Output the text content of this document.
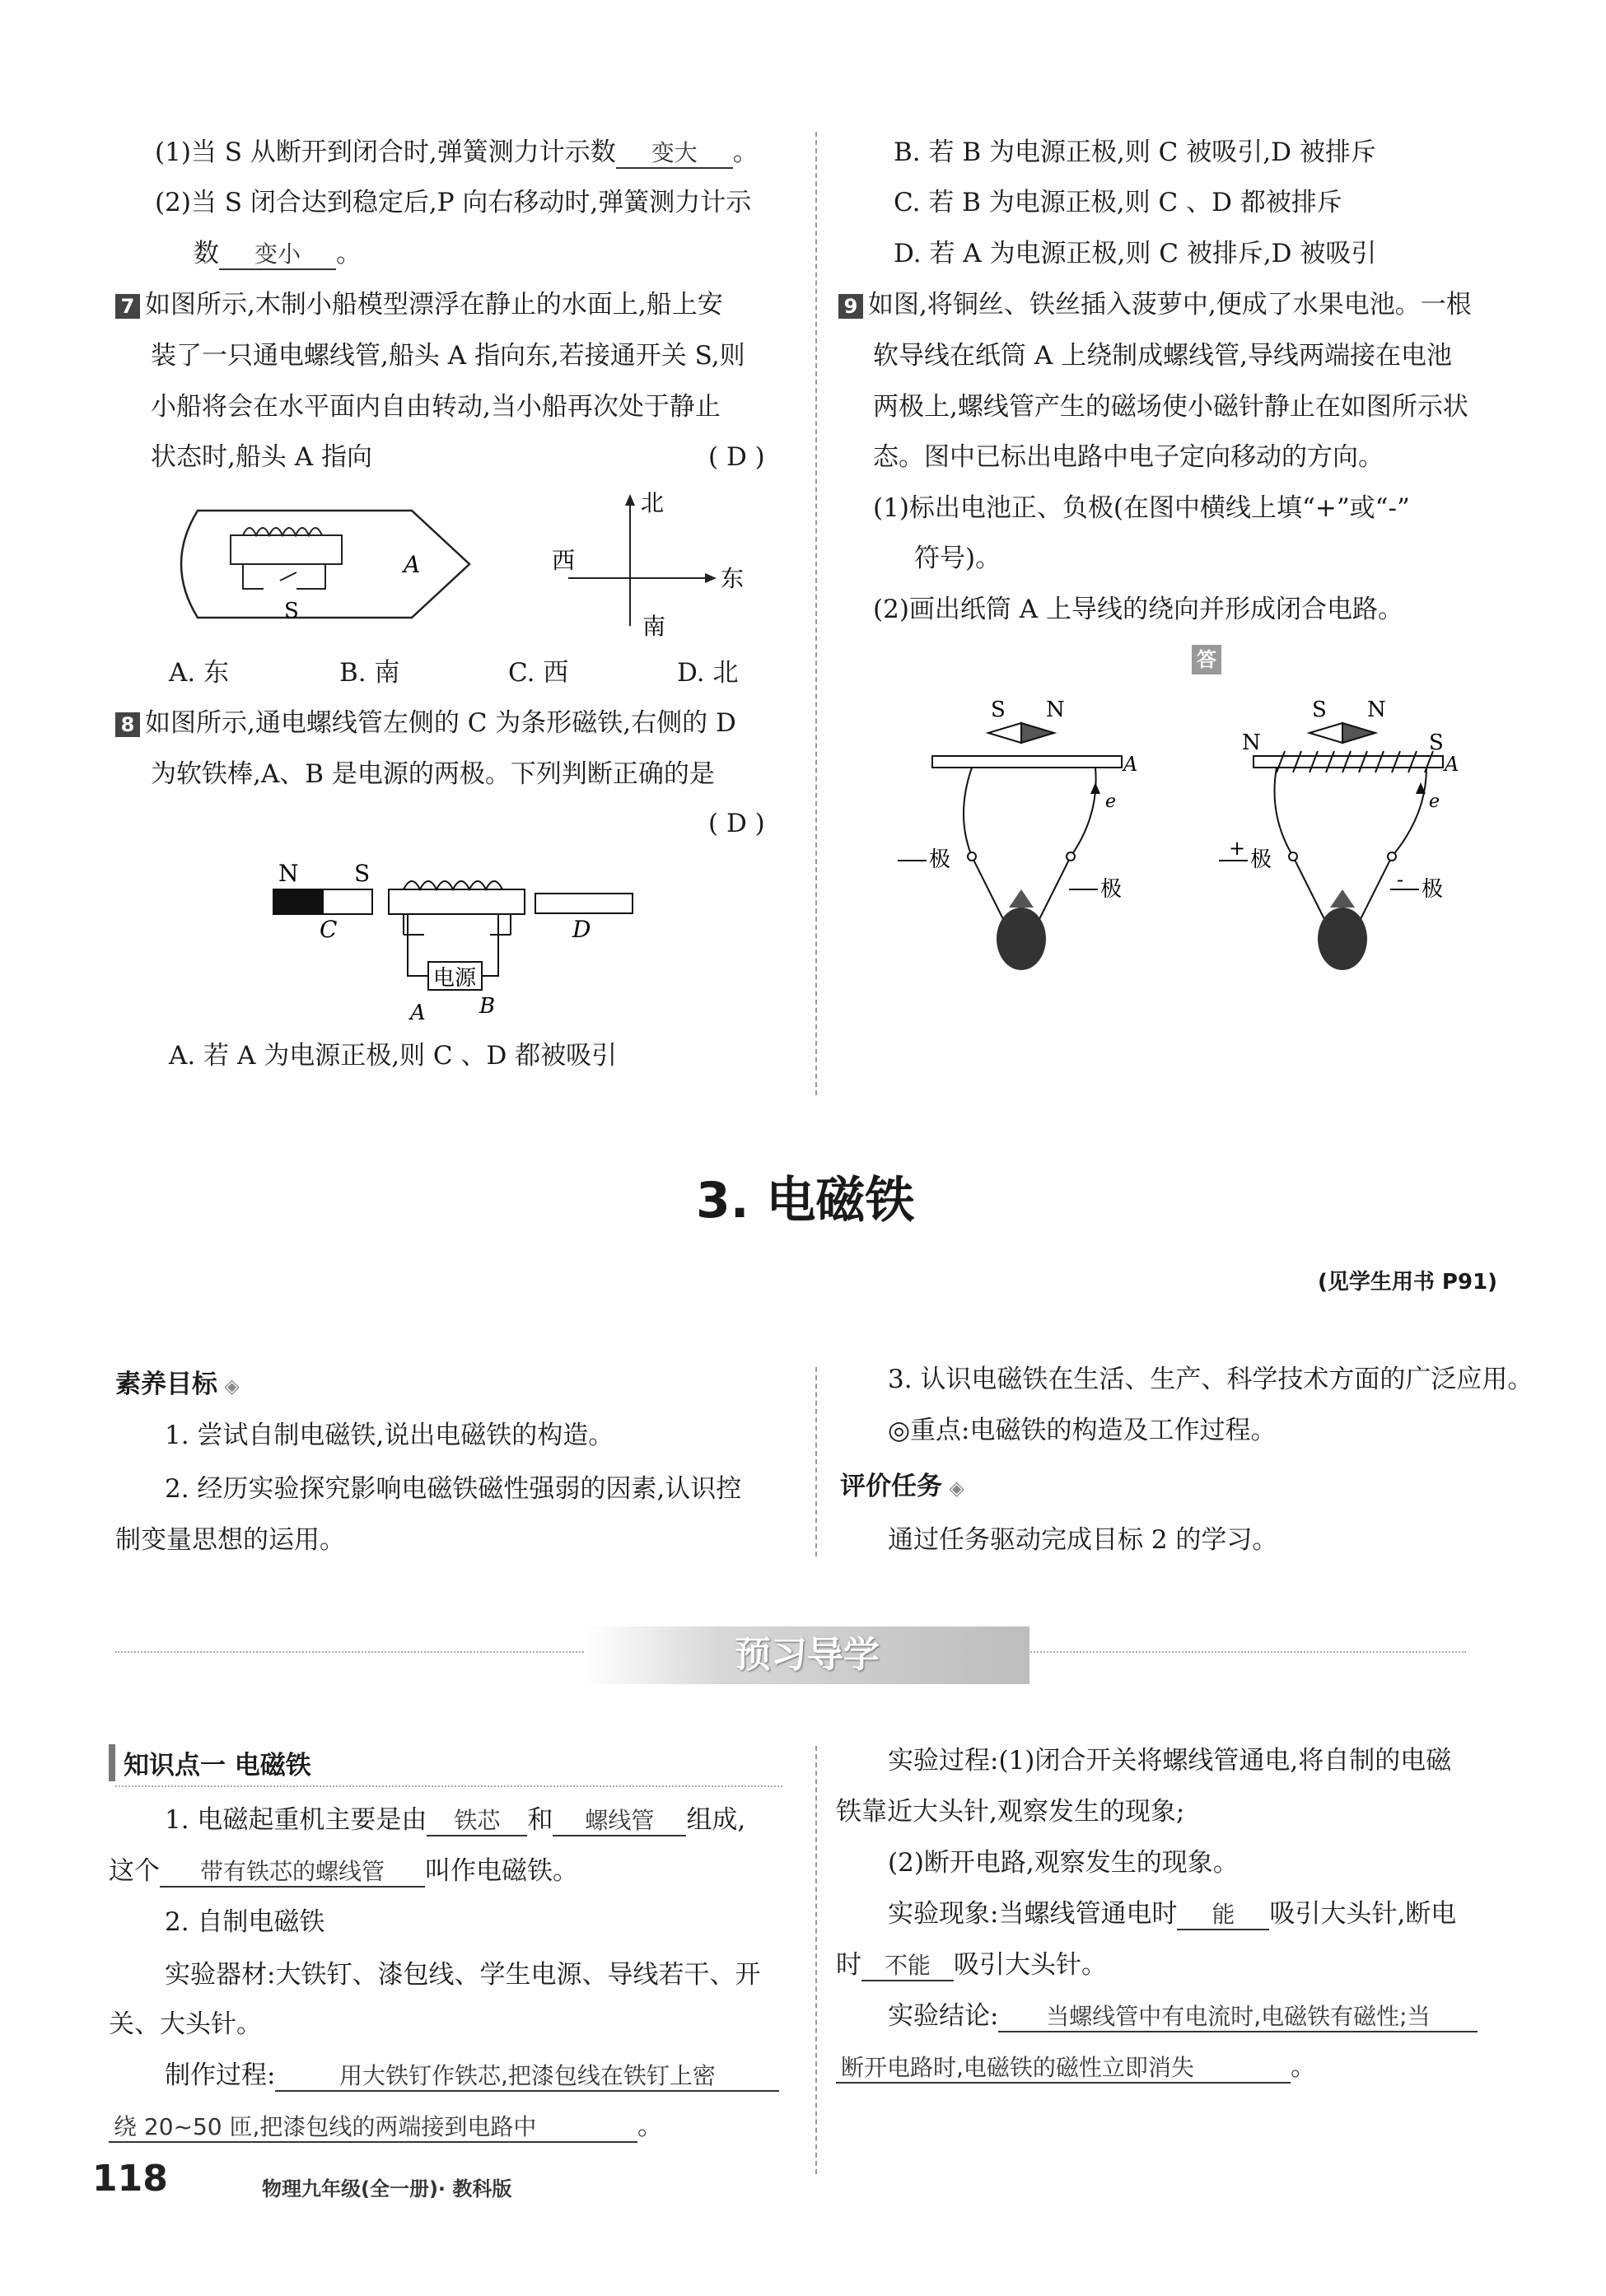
(1)当 S 从断开到闭合时,弹簧测力计示数 变大 。
(2)当 S 闭合达到稳定后,P 向右移动时,弹簧测力计示
数 变小 。
7 如图所示,木制小船模型漂浮在静止的水面上,船上安
装了一只通电螺线管,船头 A 指向东,若接通开关 S,则
小船将会在水平面内自由转动,当小船再次处于静止
状态时,船头 A 指向	( D )
A
S
北
西
东
南
A. 东	B. 南	C. 西	D. 北
8 如图所示,通电螺线管左侧的 C 为条形磁铁,右侧的 D
为软铁棒,A、B 是电源的两极。下列判断正确的是
( D )
N S
C
电源
A	B
D
A. 若 A 为电源正极,则 C 、D 都被吸引
B. 若 B 为电源正极,则 C 被吸引,D 被排斥
C. 若 B 为电源正极,则 C 、D 都被排斥
D. 若 A 为电源正极,则 C 被排斥,D 被吸引
9 如图,将铜丝、铁丝插入菠萝中,便成了水果电池。一根
软导线在纸筒 A 上绕制成螺线管,导线两端接在电池
两极上,螺线管产生的磁场使小磁针静止在如图所示状
态。图中已标出电路中电子定向移动的方向。
(1)标出电池正、负极(在图中横线上填“+”或“-”
符号)。
(2)画出纸筒 A 上导线的绕向并形成闭合电路。
答
S N
A
e
极
极
S N
N	S
A
e
+ 极
- 极
3. 电磁铁
(见学生用书 P91)
素养目标 ◈
1. 尝试自制电磁铁,说出电磁铁的构造。
2. 经历实验探究影响电磁铁磁性强弱的因素,认识控
制变量思想的运用。
3. 认识电磁铁在生活、生产、科学技术方面的广泛应用。
◎重点:电磁铁的构造及工作过程。
评价任务 ◈
通过任务驱动完成目标 2 的学习。
预习导学
知识点一 电磁铁
1. 电磁起重机主要是由 铁芯 和 螺线管 组成,
这个 带有铁芯的螺线管 叫作电磁铁。
2. 自制电磁铁
实验器材:大铁钉、漆包线、学生电源、导线若干、开
关、大头针。
制作过程:	用大铁钉作铁芯,把漆包线在铁钉上密
绕 20~50 匝,把漆包线的两端接到电路中	。
实验过程:(1)闭合开关将螺线管通电,将自制的电磁
铁靠近大头针,观察发生的现象;
(2)断开电路,观察发生的现象。
实验现象:当螺线管通电时 能 吸引大头针,断电
时 不能 吸引大头针。
实验结论: 当螺线管中有电流时,电磁铁有磁性;当
断开电路时,电磁铁的磁性立即消失	。
118	物理九年级(全一册)· 教科版
